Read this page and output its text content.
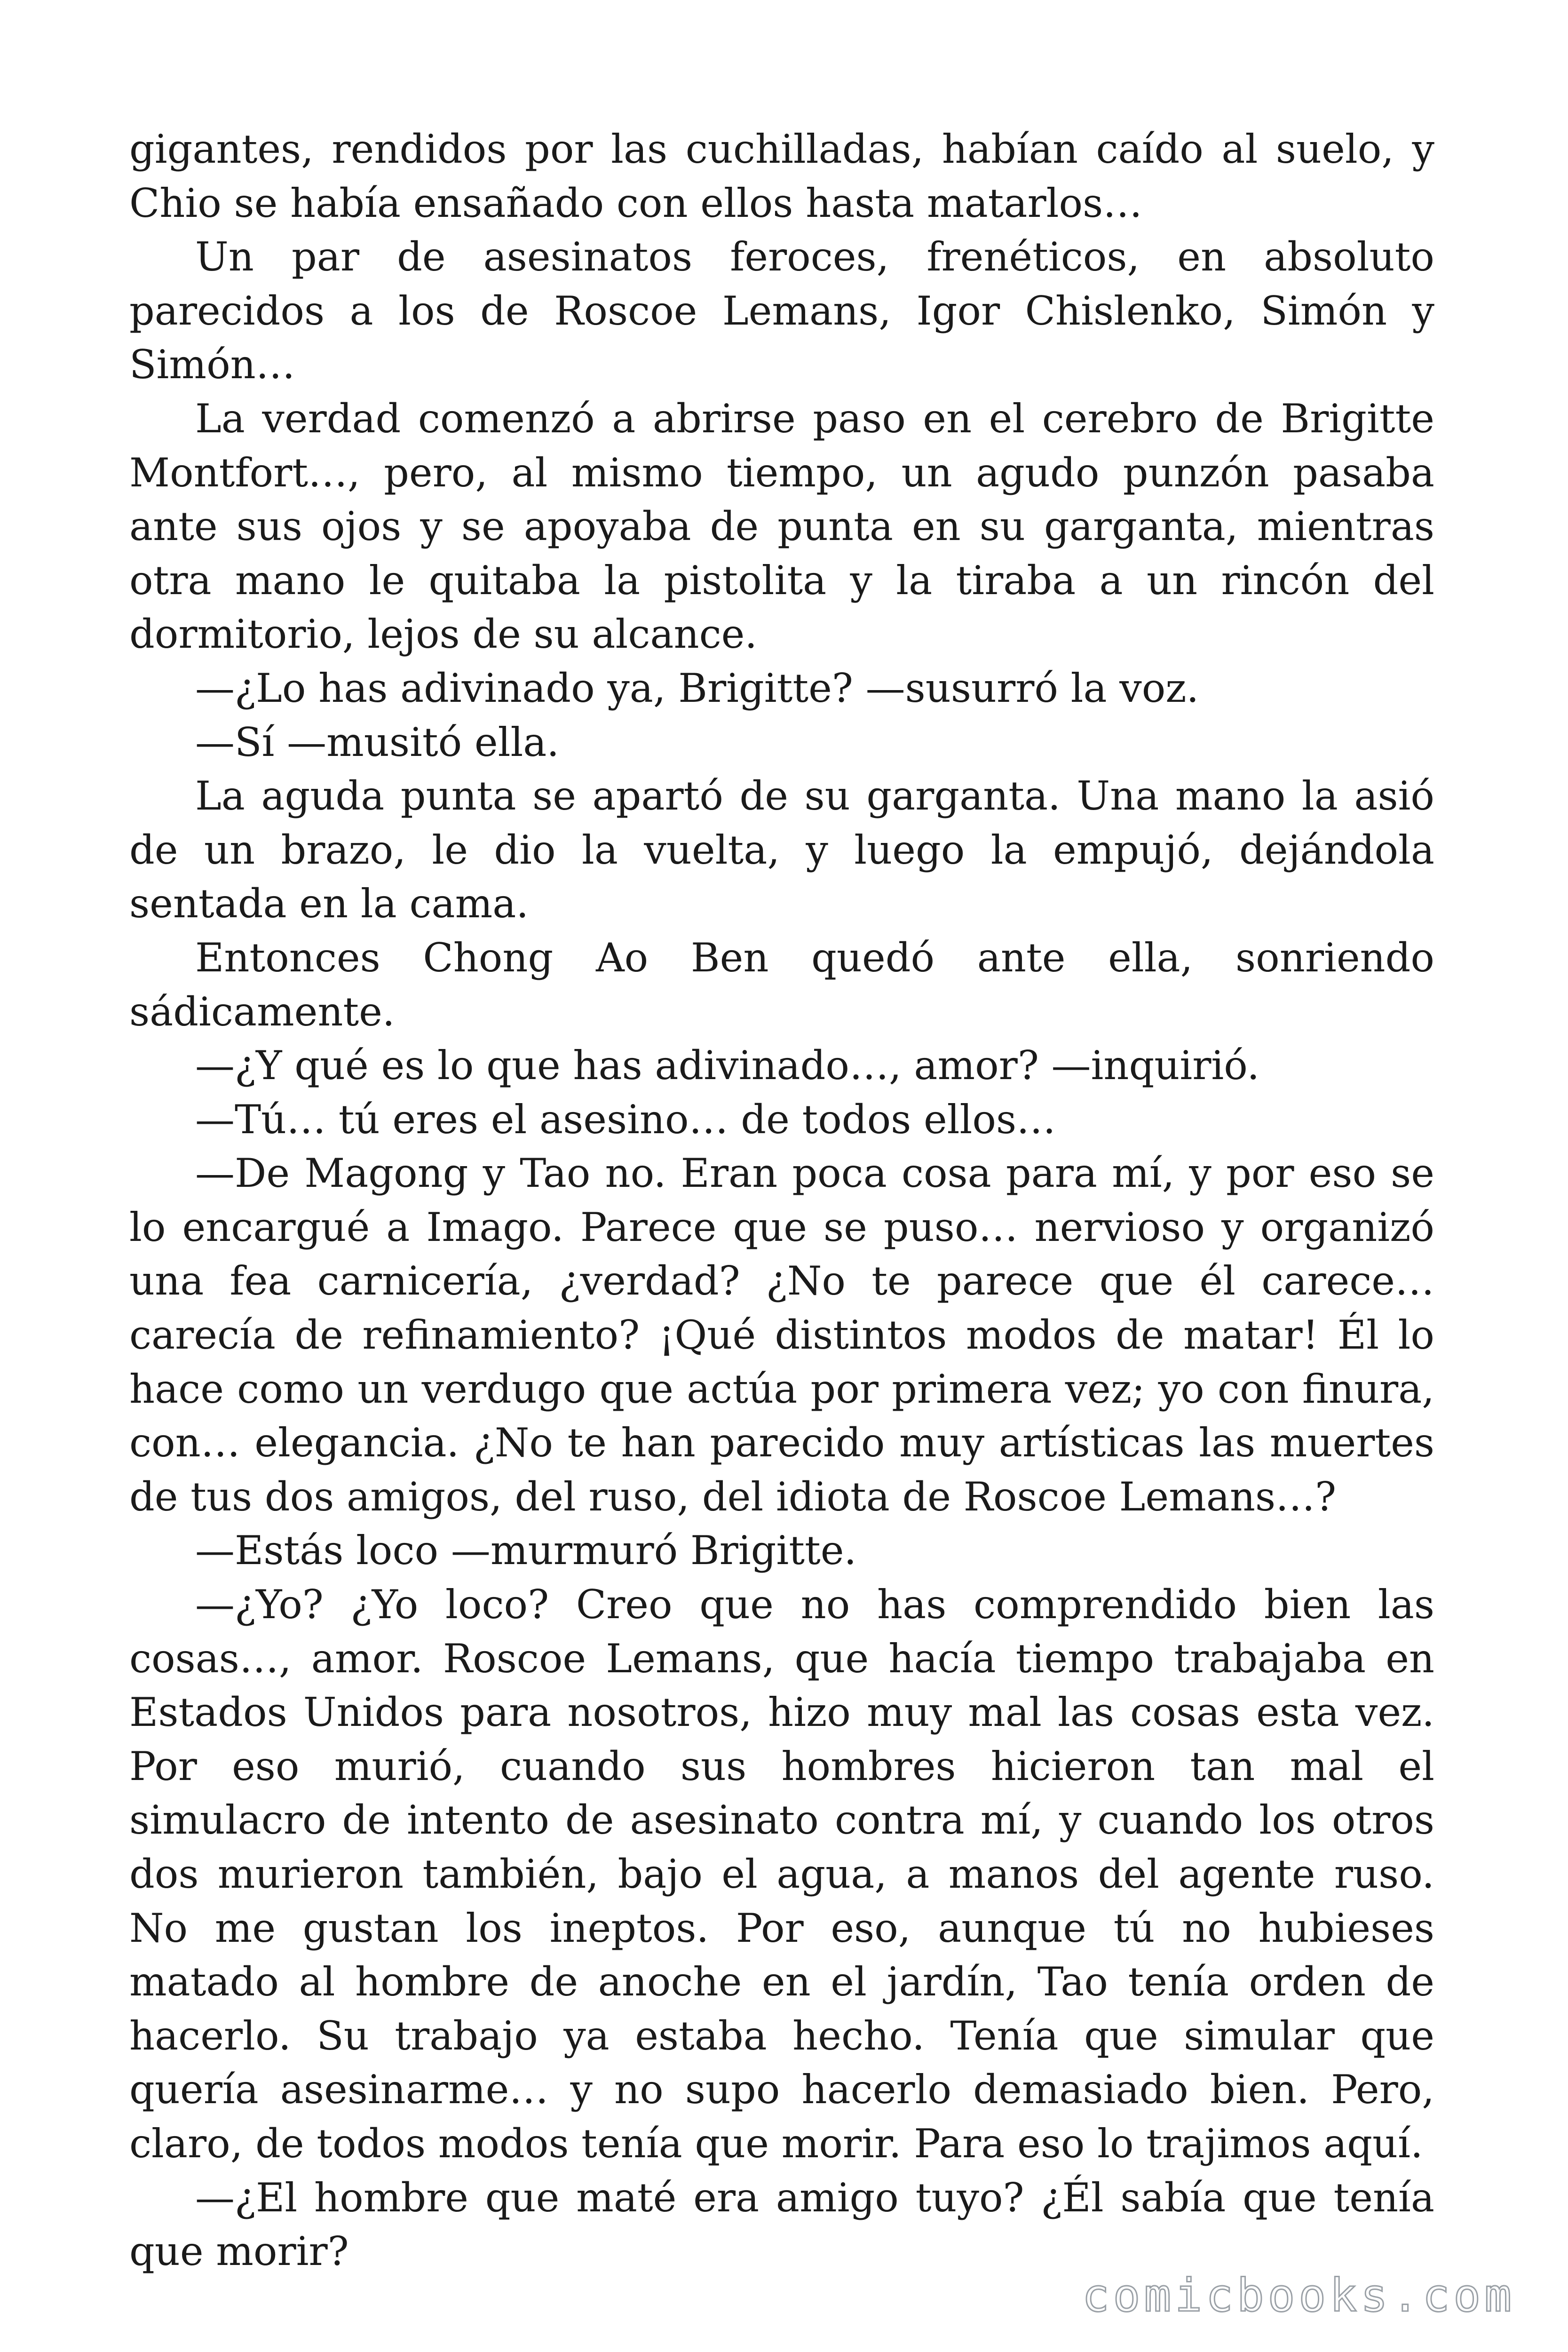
gigantes, rendidos por las cuchilladas, habían caído al suelo, y Chio se había ensañado con ellos hasta matarlos…

Un par de asesinatos feroces, frenéticos, en absoluto parecidos a los de Roscoe Lemans, Igor Chislenko, Simón y Simón…

La verdad comenzó a abrirse paso en el cerebro de Brigitte Montfort…, pero, al mismo tiempo, un agudo punzón pasaba ante sus ojos y se apoyaba de punta en su garganta, mientras otra mano le quitaba la pistolita y la tiraba a un rincón del dormitorio, lejos de su alcance.

—¿Lo has adivinado ya, Brigitte? —susurró la voz.

—Sí —musitó ella.

La aguda punta se apartó de su garganta. Una mano la asió de un brazo, le dio la vuelta, y luego la empujó, dejándola sentada en la cama.

Entonces Chong Ao Ben quedó ante ella, sonriendo sádicamente.

—¿Y qué es lo que has adivinado…, amor? —inquirió.

—Tú… tú eres el asesino… de todos ellos…

—De Magong y Tao no. Eran poca cosa para mí, y por eso se lo encargué a Imago. Parece que se puso… nervioso y organizó una fea carnicería, ¿verdad? ¿No te parece que él carece… carecía de refinamiento? ¡Qué distintos modos de matar! Él lo hace como un verdugo que actúa por primera vez; yo con finura, con… elegancia. ¿No te han parecido muy artísticas las muertes de tus dos amigos, del ruso, del idiota de Roscoe Lemans…?

—Estás loco —murmuró Brigitte.

—¿Yo? ¿Yo loco? Creo que no has comprendido bien las cosas…, amor. Roscoe Lemans, que hacía tiempo trabajaba en Estados Unidos para nosotros, hizo muy mal las cosas esta vez. Por eso murió, cuando sus hombres hicieron tan mal el simulacro de intento de asesinato contra mí, y cuando los otros dos murieron también, bajo el agua, a manos del agente ruso. No me gustan los ineptos. Por eso, aunque tú no hubieses matado al hombre de anoche en el jardín, Tao tenía orden de hacerlo. Su trabajo ya estaba hecho. Tenía que simular que quería asesinarme… y no supo hacerlo demasiado bien. Pero, claro, de todos modos tenía que morir. Para eso lo trajimos aquí.

—¿El hombre que maté era amigo tuyo? ¿Él sabía que tenía que morir?

comicbooks.com
